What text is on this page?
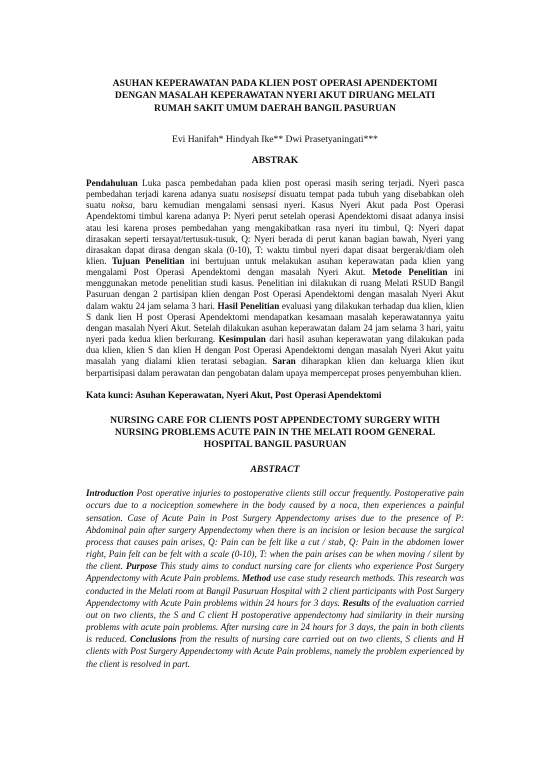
ASUHAN KEPERAWATAN PADA KLIEN POST OPERASI APENDEKTOMI
DENGAN MASALAH KEPERAWATAN NYERI AKUT DIRUANG MELATI
RUMAH SAKIT UMUM DAERAH BANGIL PASURUAN
Evi Hanifah* Hindyah Ike** Dwi Prasetyaningati***
ABSTRAK
Pendahuluan Luka pasca pembedahan pada klien post operasi masih sering terjadi. Nyeri pasca pembedahan terjadi karena adanya suatu nosisepsi disuatu tempat pada tubuh yang disebabkan oleh suatu noksa, baru kemudian mengalami sensasi nyeri. Kasus Nyeri Akut pada Post Operasi Apendektomi timbul karena adanya P: Nyeri perut setelah operasi Apendektomi disaat adanya insisi atau lesi karena proses pembedahan yang mengakibatkan rasa nyeri itu timbul, Q: Nyeri dapat dirasakan seperti tersayat/tertusuk-tusuk, Q: Nyeri berada di perut kanan bagian bawah, Nyeri yang dirasakan dapat dirasa dengan skala (0-10), T: waktu timbul nyeri dapat disaat bergerak/diam oleh klien. Tujuan Penelitian ini bertujuan untuk melakukan asuhan keperawatan pada klien yang mengalami Post Operasi Apendektomi dengan masalah Nyeri Akut. Metode Penelitian ini menggunakan metode penelitian studi kasus. Penelitian ini dilakukan di ruang Melati RSUD Bangil Pasuruan dengan 2 partisipan klien dengan Post Operasi Apendektomi dengan masalah Nyeri Akut dalam waktu 24 jam selama 3 hari. Hasil Penelitian evaluasi yang dilakukan terhadap dua klien, klien S dank lien H post Operasi Apendektomi mendapatkan kesamaan masalah keperawatannya yaitu dengan masalah Nyeri Akut. Setelah dilakukan asuhan keperawatan dalam 24 jam selama 3 hari, yaitu nyeri pada kedua klien berkurang. Kesimpulan dari hasil asuhan keperawatan yang dilakukan pada dua klien, klien S dan klien H dengan Post Operasi Apendektomi dengan masalah Nyeri Akut yaitu masalah yang dialami klien teratasi sebagian. Saran diharapkan klien dan keluarga klien ikut berpartisipasi dalam perawatan dan pengobatan dalam upaya mempercepat proses penyembuhan klien.
Kata kunci: Asuhan Keperawatan, Nyeri Akut, Post Operasi Apendektomi
NURSING CARE FOR CLIENTS POST APPENDECTOMY SURGERY WITH
NURSING PROBLEMS ACUTE PAIN IN THE MELATI ROOM GENERAL
HOSPITAL BANGIL PASURUAN
ABSTRACT
Introduction Post operative injuries to postoperative clients still occur frequently. Postoperative pain occurs due to a nociception somewhere in the body caused by a noca, then experiences a painful sensation. Case of Acute Pain in Post Surgery Appendectomy arises due to the presence of P: Abdominal pain after surgery Appendectomy when there is an incision or lesion because the surgical process that causes pain arises, Q: Pain can be felt like a cut / stab, Q: Pain in the abdomen lower right, Pain felt can be felt with a scale (0-10), T: when the pain arises can be when moving / silent by the client. Purpose This study aims to conduct nursing care for clients who experience Post Surgery Appendectomy with Acute Pain problems. Method use case study research methods. This research was conducted in the Melati room at Bangil Pasuruan Hospital with 2 client participants with Post Surgery Appendectomy with Acute Pain problems within 24 hours for 3 days. Results of the evaluation carried out on two clients, the S and C client H postoperative appendectomy had similarity in their nursing problems with acute pain problems. After nursing care in 24 hours for 3 days, the pain in both clients is reduced. Conclusions from the results of nursing care carried out on two clients, S clients and H clients with Post Surgery Appendectomy with Acute Pain problems, namely the problem experienced by the client is resolved in part.
